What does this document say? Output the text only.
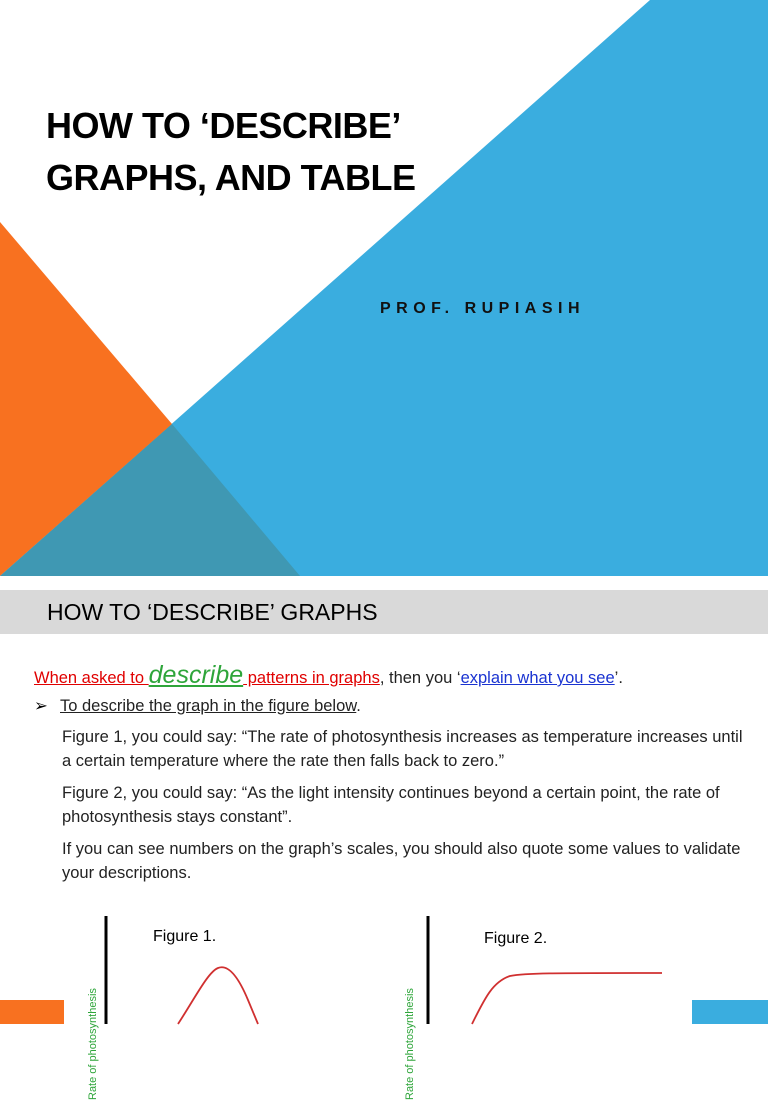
HOW TO ‘DESCRIBE’
GRAPHS, AND TABLE
PROF. RUPIASIH
HOW TO ‘DESCRIBE’ GRAPHS
When asked to describe patterns in graphs, then you ‘explain what you see’.
➢ To describe the graph in the figure below.
Figure 1, you could say: “The rate of photosynthesis increases as temperature increases until a certain temperature where the rate then falls back to zero.”
Figure 2, you could say: “As the light intensity continues beyond a certain point, the rate of photosynthesis stays constant”.
If you can see numbers on the graph’s scales, you should also quote some values to validate your descriptions.
Figure 1.
Rate of photosynthesis
Figure 2.
Rate of photosynthesis
